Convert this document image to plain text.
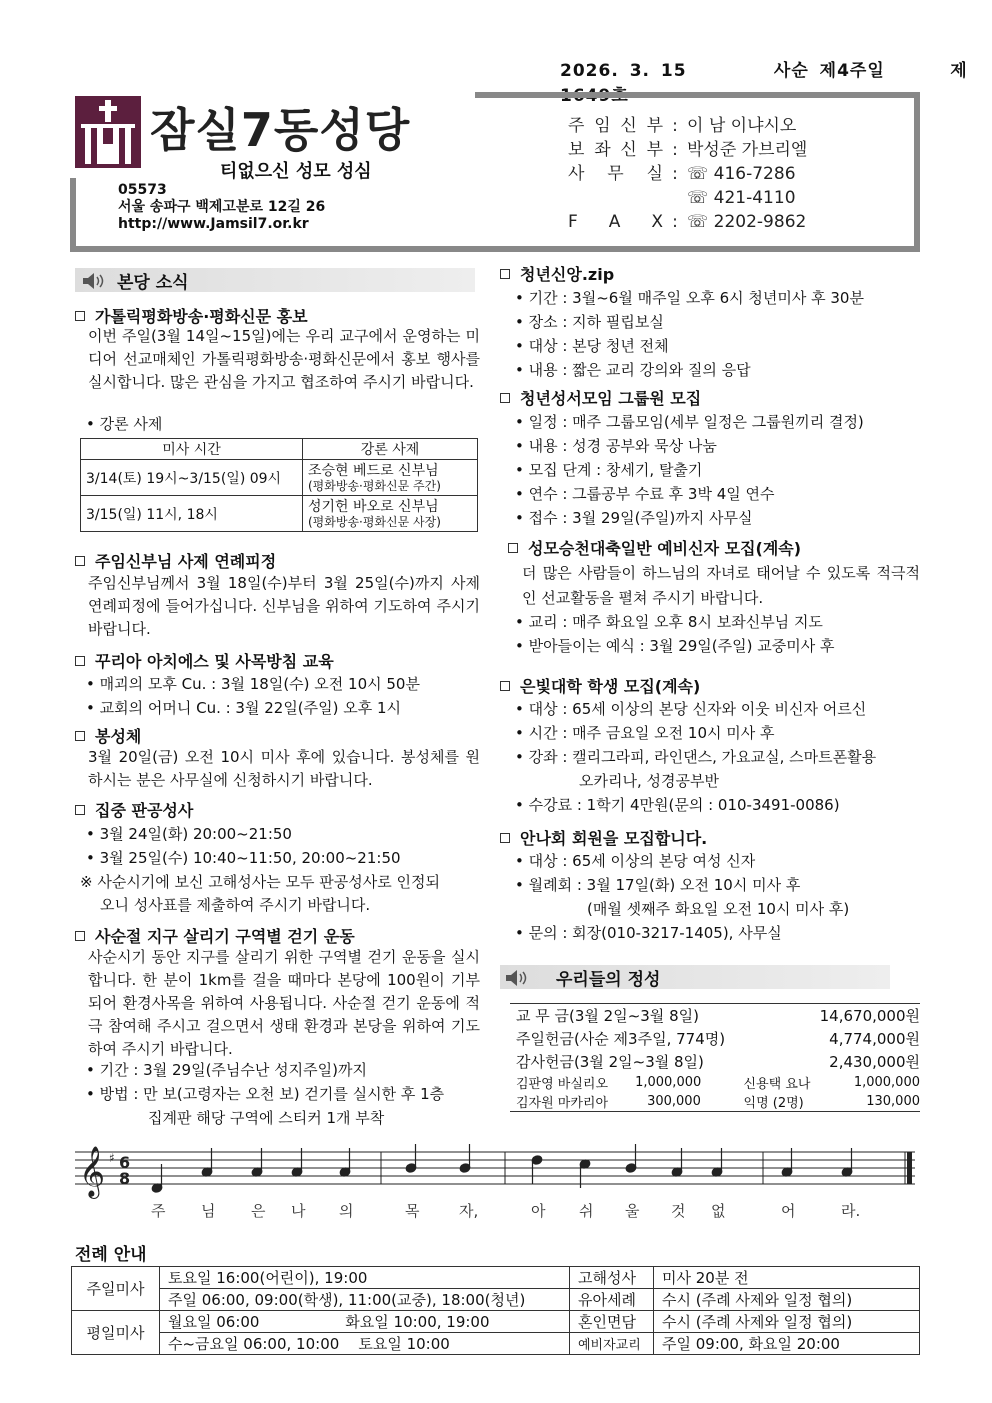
2026. 3. 15	사순 제4주일	제1649호
잠실7동성당
티없으신 성모 성심
05573
서울 송파구 백제고분로 12길 26
http://www.Jamsil7.or.kr
주 임 신 부 : 이 남 이냐시오
보 좌 신 부 : 박성준 가브리엘
사 무 실 : ☏ 416-7286

☏ 421-4110
F A X : ☏ 2202-9862
본당 소식
가톨릭평화방송·평화신문 홍보
이번 주일(3월 14일~15일)에는 우리 교구에서 운영하는 미디어 선교매체인 가톨릭평화방송·평화신문에서 홍보 행사를 실시합니다. 많은 관심을 가지고 협조하여 주시기 바랍니다.
• 강론 사제
미사 시간	강론 사제
3/14(토) 19시~3/15(일) 09시	조승현 베드로 신부님
(평화방송·평화신문 주간)

3/15(일) 11시, 18시	성기헌 바오로 신부님
(평화방송·평화신문 사장)
주임신부님 사제 연례피정
주임신부님께서 3월 18일(수)부터 3월 25일(수)까지 사제 연례피정에 들어가십니다. 신부님을 위하여 기도하여 주시기 바랍니다.
꾸리아 아치에스 및 사목방침 교육
• 매괴의 모후 Cu. : 3월 18일(수) 오전 10시 50분
• 교회의 어머니 Cu. : 3월 22일(주일) 오후 1시
봉성체
3월 20일(금) 오전 10시 미사 후에 있습니다. 봉성체를 원하시는 분은 사무실에 신청하시기 바랍니다.
집중 판공성사
• 3월 24일(화) 20:00~21:50
• 3월 25일(수) 10:40~11:50, 20:00~21:50
※ 사순시기에 보신 고해성사는 모두 판공성사로 인정되
오니 성사표를 제출하여 주시기 바랍니다.
사순절 지구 살리기 구역별 걷기 운동
사순시기 동안 지구를 살리기 위한 구역별 걷기 운동을 실시합니다. 한 분이 1km를 걸을 때마다 본당에 100원이 기부되어 환경사목을 위하여 사용됩니다. 사순절 걷기 운동에 적극 참여해 주시고 걸으면서 생태 환경과 본당을 위하여 기도하여 주시기 바랍니다.
• 기간 : 3월 29일(주님수난 성지주일)까지
• 방법 : 만 보(고령자는 오천 보) 걷기를 실시한 후 1층
집계판 해당 구역에 스티커 1개 부착
청년신앙.zip
• 기간 : 3월~6월 매주일 오후 6시 청년미사 후 30분
• 장소 : 지하 필립보실
• 대상 : 본당 청년 전체
• 내용 : 짧은 교리 강의와 질의 응답
청년성서모임 그룹원 모집
• 일정 : 매주 그룹모임(세부 일정은 그룹원끼리 결정)
• 내용 : 성경 공부와 묵상 나눔
• 모집 단계 : 창세기, 탈출기
• 연수 : 그룹공부 수료 후 3박 4일 연수
• 접수 : 3월 29일(주일)까지 사무실
성모승천대축일반 예비신자 모집(계속)
더 많은 사람들이 하느님의 자녀로 태어날 수 있도록 적극적인 선교활동을 펼쳐 주시기 바랍니다.
• 교리 : 매주 화요일 오후 8시 보좌신부님 지도
• 받아들이는 예식 : 3월 29일(주일) 교중미사 후
은빛대학 학생 모집(계속)
• 대상 : 65세 이상의 본당 신자와 이웃 비신자 어르신
• 시간 : 매주 금요일 오전 10시 미사 후
• 강좌 : 캘리그라피, 라인댄스, 가요교실, 스마트폰활용
오카리나, 성경공부반
• 수강료 : 1학기 4만원(문의 : 010-3491-0086)
안나회 회원을 모집합니다.
• 대상 : 65세 이상의 본당 여성 신자
• 월례회 : 3월 17일(화) 오전 10시 미사 후
(매월 셋째주 화요일 오전 10시 미사 후)
• 문의 : 회장(010-3217-1405), 사무실
우리들의 정성
교 무 금(3월 2일∼3월 8일)	14,670,000원
주일헌금(사순 제3주일, 774명)	4,774,000원
감사헌금(3월 2일∼3월 8일)	2,430,000원
김판영 바실리오	1,000,000	신용택 요나	1,000,000
김자원 마카리아	300,000	익명 (2명)	130,000
𝄞 ♯ 6
8
주 님 은 나 의	목	자,	아 쉬 울 것 없	어	라.
전례 안내
주일미사	토요일 16:00(어린이), 19:00	고해성사	미사 20분 전
	주일 06:00, 09:00(학생), 11:00(교중), 18:00(청년)	유아세례	수시 (주례 사제와 일정 협의)
평일미사	월요일 06:00                  화요일 10:00, 19:00	혼인면담	수시 (주례 사제와 일정 협의)
	수~금요일 06:00, 10:00    토요일 10:00	예비자교리	주일 09:00, 화요일 20:00
